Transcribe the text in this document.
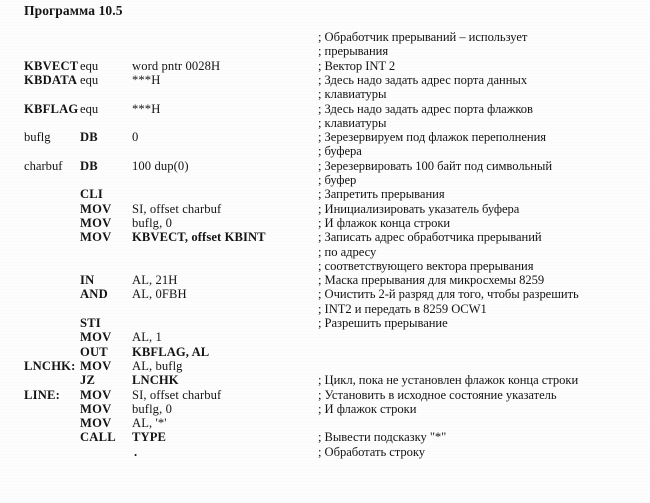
Программа 10.5
; Обработчик прерываний – использует
; прерывания
KBVECT equ	word pntr 0028H	; Вектор INT 2
KBDATA equ	***H	; Здесь надо задать адрес порта данных
; клавиатуры
KBFLAG equ	***H	; Здесь надо задать адрес порта флажков
; клавиатуры
buflg DB	0	; Зерезервируем под флажок переполнения
; буфера
charbuf DB	100 dup(0)	; Зерезервировать 100 байт под символьный
; буфер
CLI	; Запретить прерывания
MOV SI, offset charbuf	; Инициализировать указатель буфера
MOV buflg, 0	; И флажок конца строки
MOV KBVECT, offset KBINT	; Записать адрес обработчика прерываний
; по адресу
; соответствующего вектора прерывания
IN	AL, 21H	; Маска прерывания для микросхемы 8259
AND AL, 0FBH	; Очистить 2-й разряд для того, чтобы разрешить
; INT2 и передать в 8259 OCW1
STI	; Разрешить прерывание
MOV AL, 1
OUT KBFLAG, AL
LNCHK: MOV AL, buflg
JZ	LNCHK	; Цикл, пока не установлен флажок конца строки
LINE: MOV SI, offset charbuf	; Установить в исходное состояние указатель
MOV buflg, 0	; И флажок строки
MOV AL, '*'
CALL TYPE	; Вывести подсказку "*"
.	; Обработать строку
